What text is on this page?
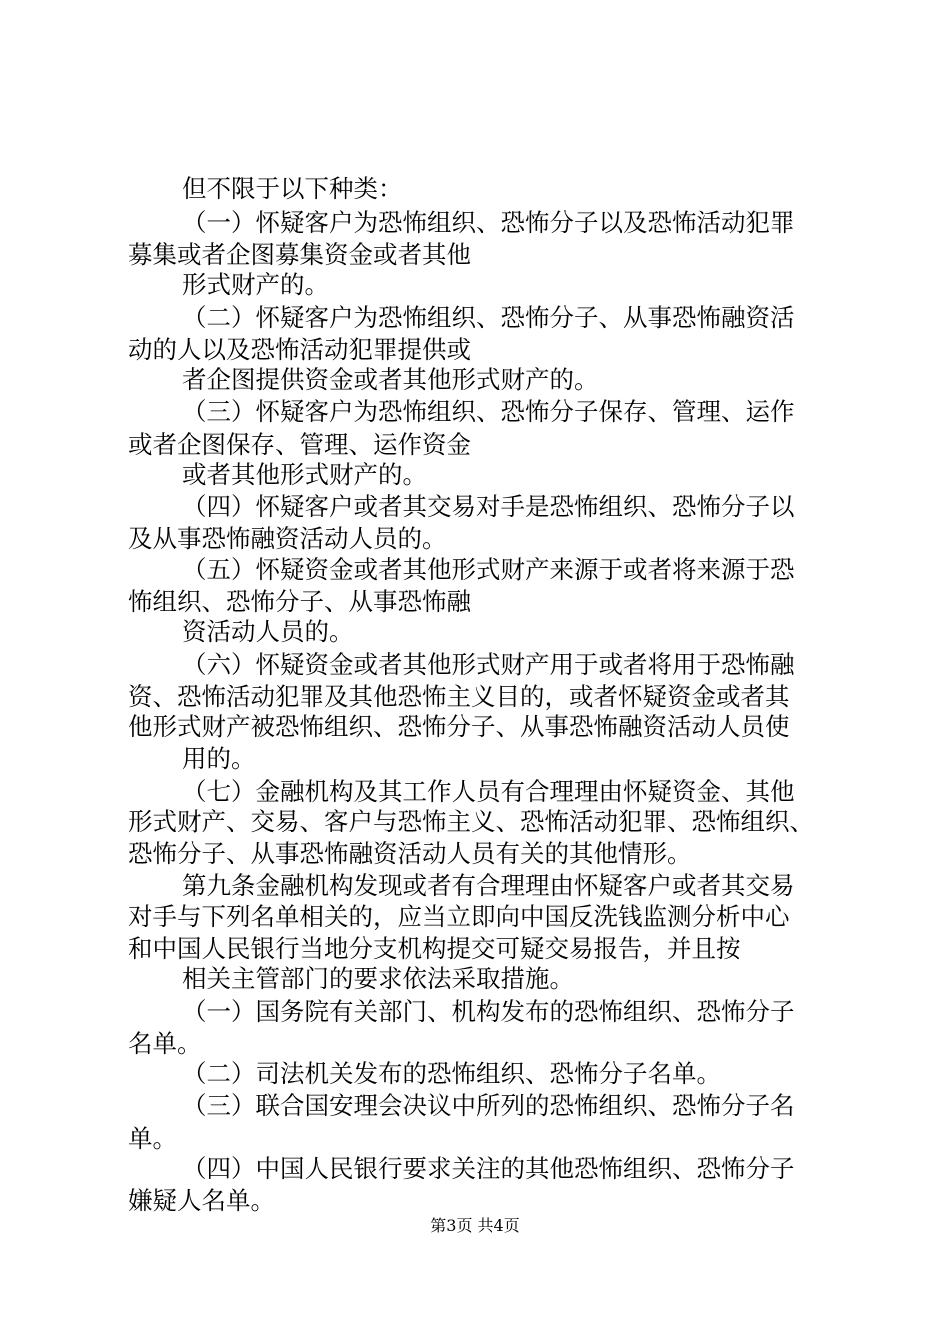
但不限于以下种类：
（一）怀疑客户为恐怖组织、恐怖分子以及恐怖活动犯罪
募集或者企图募集资金或者其他
形式财产的。
（二）怀疑客户为恐怖组织、恐怖分子、从事恐怖融资活
动的人以及恐怖活动犯罪提供或
者企图提供资金或者其他形式财产的。
（三）怀疑客户为恐怖组织、恐怖分子保存、管理、运作
或者企图保存、管理、运作资金
或者其他形式财产的。
（四）怀疑客户或者其交易对手是恐怖组织、恐怖分子以
及从事恐怖融资活动人员的。
（五）怀疑资金或者其他形式财产来源于或者将来源于恐
怖组织、恐怖分子、从事恐怖融
资活动人员的。
（六）怀疑资金或者其他形式财产用于或者将用于恐怖融
资、恐怖活动犯罪及其他恐怖主义目的，或者怀疑资金或者其
他形式财产被恐怖组织、恐怖分子、从事恐怖融资活动人员使
用的。
（七）金融机构及其工作人员有合理理由怀疑资金、其他
形式财产、交易、客户与恐怖主义、恐怖活动犯罪、恐怖组织、
恐怖分子、从事恐怖融资活动人员有关的其他情形。
第九条金融机构发现或者有合理理由怀疑客户或者其交易
对手与下列名单相关的，应当立即向中国反洗钱监测分析中心
和中国人民银行当地分支机构提交可疑交易报告，并且按
相关主管部门的要求依法采取措施。
（一）国务院有关部门、机构发布的恐怖组织、恐怖分子
名单。
（二）司法机关发布的恐怖组织、恐怖分子名单。
（三）联合国安理会决议中所列的恐怖组织、恐怖分子名
单。
（四）中国人民银行要求关注的其他恐怖组织、恐怖分子
嫌疑人名单。
第3页 共4页
